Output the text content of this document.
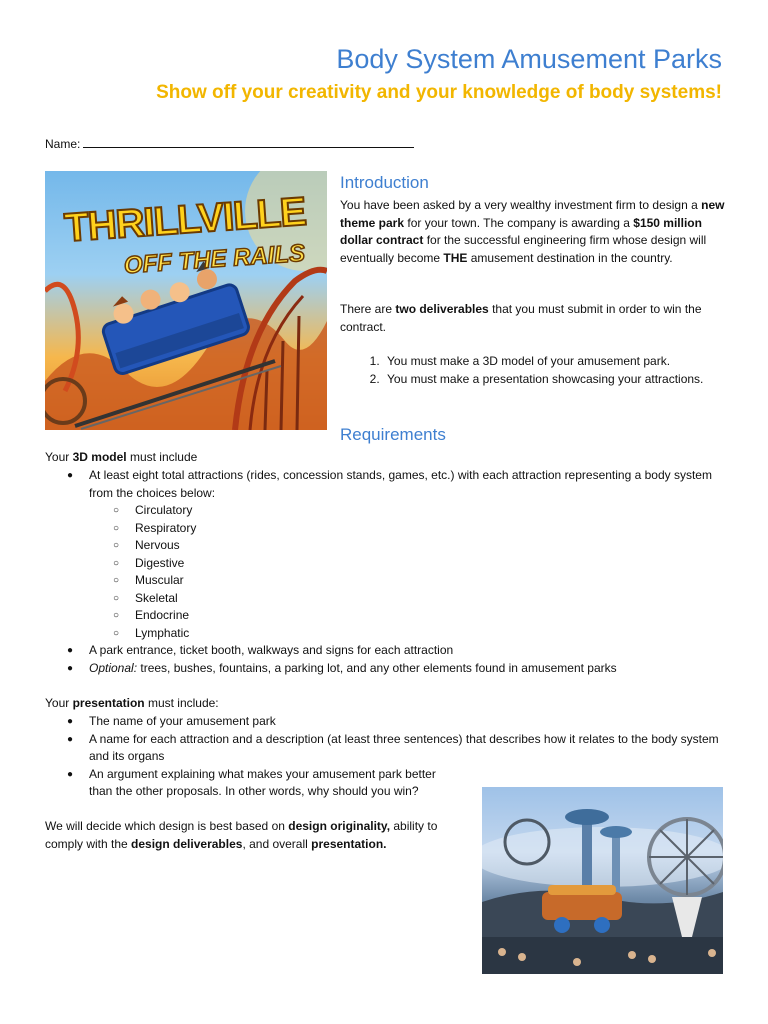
Body System Amusement Parks
Show off your creativity and your knowledge of body systems!
Name:
THRILLVILLE
OFF THE RAILS
Introduction
You have been asked by a very wealthy investment firm to design a new theme park for your town. The company is awarding a $150 million dollar contract for the successful engineering firm whose design will eventually become THE amusement destination in the country.
There are two deliverables that you must submit in order to win the contract.
1. You must make a 3D model of your amusement park.
2. You must make a presentation showcasing your attractions.
Requirements
Your 3D model must include
● At least eight total attractions (rides, concession stands, games, etc.) with each attraction representing a body system from the choices below:
○ Circulatory
○ Respiratory
○ Nervous
○ Digestive
○ Muscular
○ Skeletal
○ Endocrine
○ Lymphatic
● A park entrance, ticket booth, walkways and signs for each attraction
● Optional: trees, bushes, fountains, a parking lot, and any other elements found in amusement parks
Your presentation must include:
● The name of your amusement park
● A name for each attraction and a description (at least three sentences) that describes how it relates to the body system and its organs
● An argument explaining what makes your amusement park better than the other proposals. In other words, why should you win?
We will decide which design is best based on design originality, ability to comply with the design deliverables, and overall presentation.
